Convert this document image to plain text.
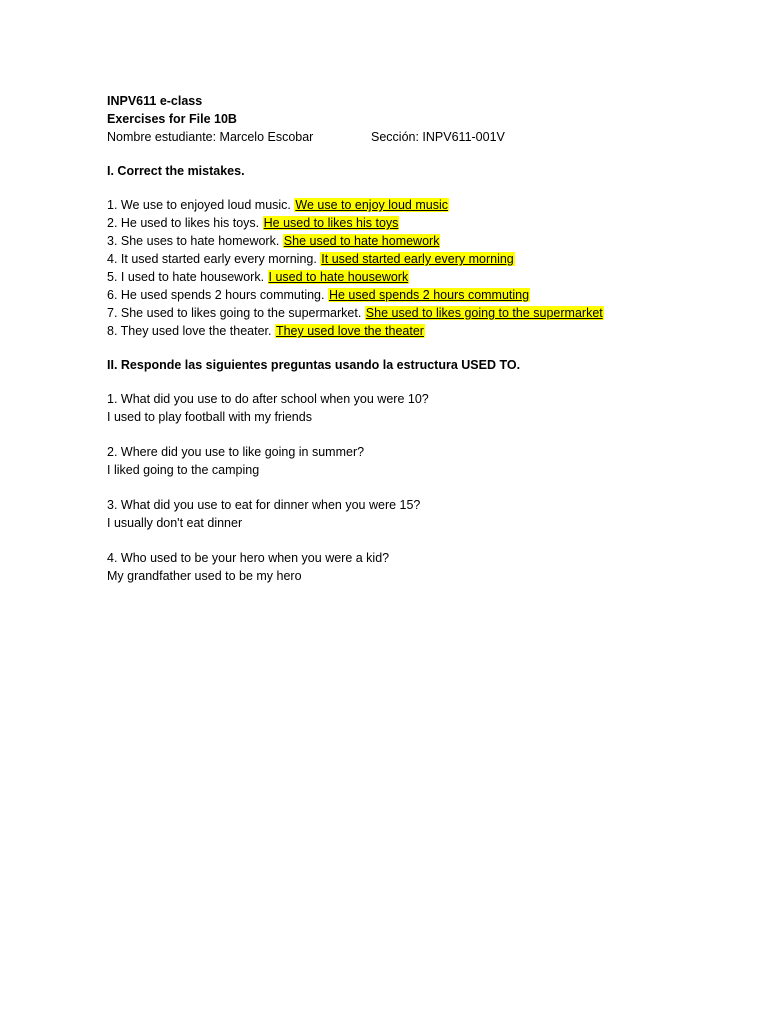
INPV611 e-class
Exercises for File 10B
Nombre estudiante: Marcelo Escobar	Sección: INPV611-001V
I. Correct the mistakes.
1. We use to enjoyed loud music. We use to enjoy loud music
2. He used to likes his toys. He used to likes his toys
3. She uses to hate homework. She used to hate homework
4. It used started early every morning. It used started early every morning
5. I used to hate housework. I used to hate housework
6. He used spends 2 hours commuting. He used spends 2 hours commuting
7. She used to likes going to the supermarket. She used to likes going to the supermarket
8. They used love the theater. They used love the theater
II. Responde las siguientes preguntas usando la estructura USED TO.
1. What did you use to do after school when you were 10?
I used to play football with my friends
2. Where did you use to like going in summer?
I liked going to the camping
3. What did you use to eat for dinner when you were 15?
I usually don't eat dinner
4. Who used to be your hero when you were a kid?
My grandfather used to be my hero
